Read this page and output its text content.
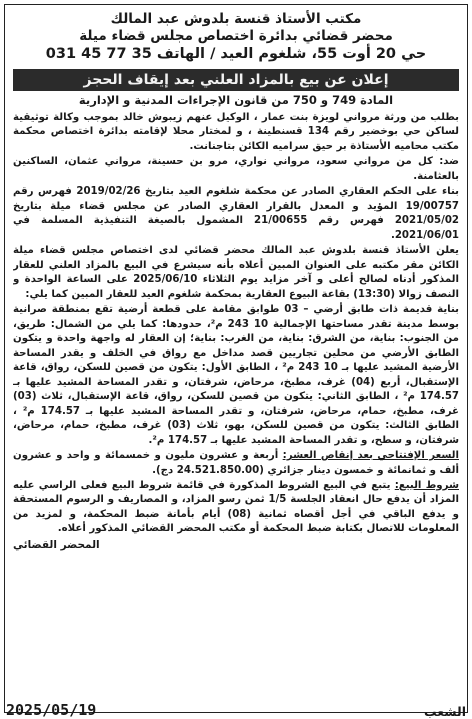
مكتب الأستاذ قنسة بلدوش عبد المالك
محضر قضائي بدائرة اختصاص مجلس قضاء ميلة
حي 20 أوت 55، شلغوم العيد / الهاتف 35 77 45 031
إعلان عن بيع بالمزاد العلني بعد إيقاف الحجز
المادة 749 و 750 من قانون الإجراءات المدنية و الإدارية

بطلب من ورثة مرواني لويزة بنت عمار ، الوكيل عنهم زيبوش خالد بموجب وكالة توثيقية لساكن حي بوخضير رقم 134 قسنطينة ، و لمختار محلا لإقامته بدائرة اختصاص محكمة مكتب محاميه الأستاذة بر حيق سراميه الكائن بتاجنانت.

ضد: كل من مرواني سعود، مرواني نواري، مرو بن حسينة، مرواني عثمان، الساكنين بالعثامنة.

بناء على الحكم العقاري الصادر عن محكمة شلغوم العيد بتاريخ 2019/02/26 فهرس رقم 19/00757 المؤيد و المعدل بالقرار العقاري الصادر عن مجلس قضاء ميلة بتاريخ 2021/05/02 فهرس رقم 21/00655 المشمول بالصيغة التنفيذية المسلمة في 2021/06/01.

يعلن الأستاذ قنسة بلدوش عبد المالك محضر قضائي لدى اختصاص مجلس قضاء ميلة الكائن مقر مكتبه على العنوان المبين أعلاه بأنه سيشرع في البيع بالمزاد العلني للعقار المذكور أدناه لصالح أعلى و آخر مزايد يوم الثلاثاء 2025/06/10 على الساعة الواحدة و النصف زوالا (13:30) بقاعة البيوع العقارية بمحكمة شلغوم العيد للعقار المبين كما يلي:

بناية قديمة ذات طابق أرضي – 03 طوابق مقامة على قطعة أرضية تقع بمنطقة صرانية بوسط مدينة تقدر مساحتها الإجمالية 10 243 م²، حدودها: كما يلي من الشمال: طريق، من الجنوب: بناية، من الشرق: بناية، من الغرب: بناية؛ إن العقار له واجهة واحدة و يتكون الطابق الأرضي من محلين تجاريين قصد مداخل مع رواق في الخلف و يقدر المساحة الأرضية المشيد عليها بـ 10 243 م² ، الطابق الأول: يتكون من قصين للسكن، رواق، قاعة الإستقبال، أربع (04) غرف، مطبخ، مرحاض، شرفتان، و تقدر المساحة المشيد عليها بـ 174.57 م² ، الطابق الثاني: يتكون من قصين للسكن، رواق، قاعة الإستقبال، ثلاث (03) غرف، مطبخ، حمام، مرحاض، شرفتان، و تقدر المساحة المشيد عليها بـ 174.57 م² ، الطابق الثالث: يتكون من قصين للسكن، بهو، ثلاث (03) غرف، مطبخ، حمام، مرحاض، شرفتان، و سطح، و تقدر المساحة المشيد عليها بـ 174.57 م².

السعر الإفتتاحي بعد إنقاص العشر: أربعة و عشرون مليون و خمسمائة و واحد و عشرون ألف و ثمانمائة و خمسون دينار جزائري (24.521.850.00 دج).

شروط البيع: يتبع في البيع الشروط المذكورة في قائمة شروط البيع فعلى الراسي عليه المزاد أن يدفع حال انعقاد الجلسة 1/5 ثمن رسو المزاد، و المصاريف و الرسوم المستحقة و يدفع الباقي في أجل أقصاه ثمانية (08) أيام بأمانة ضبط المحكمة، و لمزيد من المعلومات للاتصال بكتابة ضبط المحكمة أو مكتب المحضر القضائي المذكور أعلاه.

المحضر القضائي
الشعب
2025/05/19
